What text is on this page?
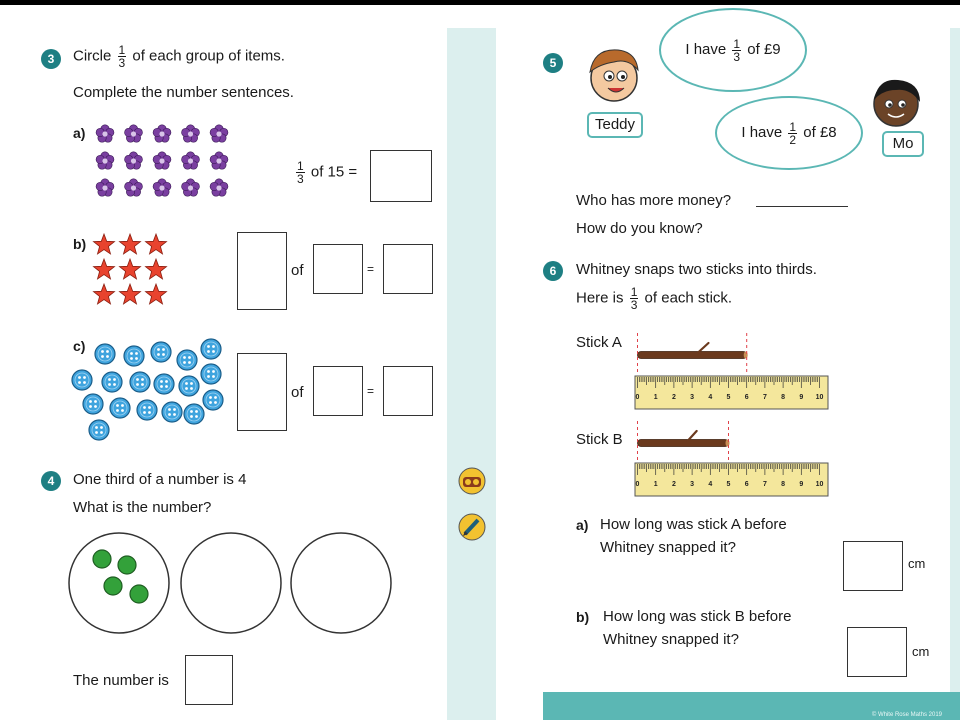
3	Circle $\frac{1}{3}$ of each group of items.
Complete the number sentences.
a)
$\frac{1}{3}$ of 15 =
b)
of	=
c)
of	=
4	One third of a number is 4
What is the number?
The number is
5
Teddy
I have $\frac{1}{3}$ of £9
I have $\frac{1}{2}$ of £8
Mo
Who has more money?
How do you know?
6	Whitney snaps two sticks into thirds.
Here is $\frac{1}{3}$ of each stick.
Stick A
Stick B
0 1 2 3 4 5 6 7 8 9 10
0 1 2 3 4 5 6 7 8 9 10
a) How long was stick A before
Whitney snapped it?
cm
b) How long was stick B before
Whitney snapped it?
cm
© White Rose Maths 2019
